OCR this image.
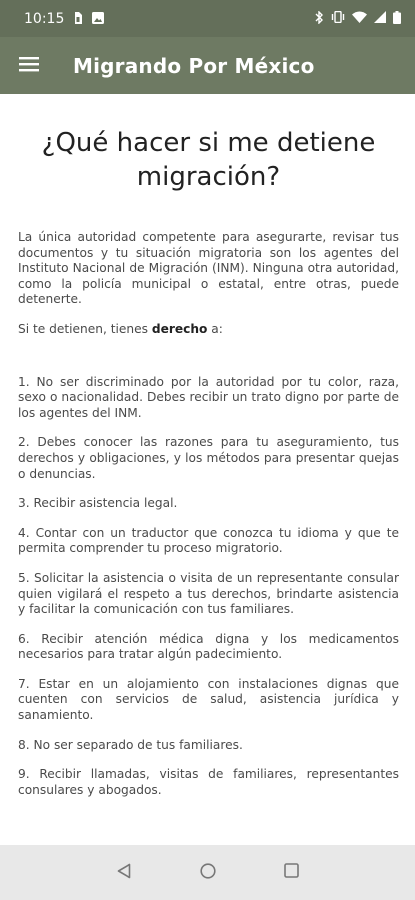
10:15
Migrando Por México
¿Qué hacer si me detiene migración?

La única autoridad competente para asegurarte, revisar tus documentos y tu situación migratoria son los agentes del Instituto Nacional de Migración (INM). Ninguna otra autoridad, como la policía municipal o estatal, entre otras, puede detenerte.

Si te detienen, tienes derecho a:

1. No ser discriminado por la autoridad por tu color, raza, sexo o nacionalidad. Debes recibir un trato digno por parte de los agentes del INM.

2. Debes conocer las razones para tu aseguramiento, tus derechos y obligaciones, y los métodos para presentar quejas o denuncias.

3. Recibir asistencia legal.

4. Contar con un traductor que conozca tu idioma y que te permita comprender tu proceso migratorio.

5. Solicitar la asistencia o visita de un representante consular quien vigilará el respeto a tus derechos, brindarte asistencia y facilitar la comunicación con tus familiares.

6. Recibir atención médica digna y los medicamentos necesarios para tratar algún padecimiento.

7. Estar en un alojamiento con instalaciones dignas que cuenten con servicios de salud, asistencia jurídica y sanamiento.

8. No ser separado de tus familiares.

9. Recibir llamadas, visitas de familiares, representantes consulares y abogados.
